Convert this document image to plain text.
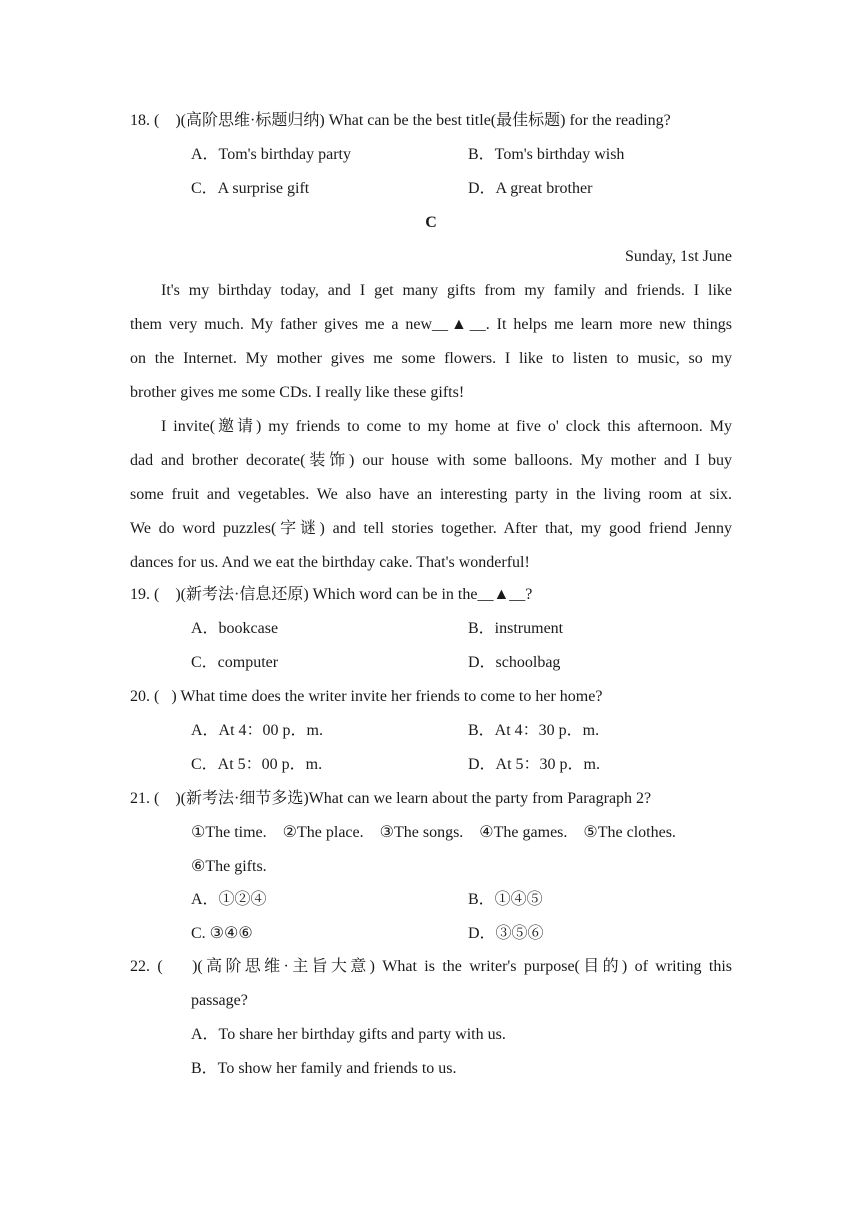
18. (    )(高阶思维·标题归纳) What can be the best title(最佳标题) for the reading?
A．Tom's birthday party	B．Tom's birthday wish
C．A surprise gift	D．A great brother
C
Sunday, 1st June
It's my birthday today, and I get many gifts from my family and friends. I like
them very much. My father gives me a new__▲__. It helps me learn more new things
on the Internet. My mother gives me some flowers. I like to listen to music, so my
brother gives me some CDs. I really like these gifts!
I invite(邀请) my friends to come to my home at five o' clock this afternoon. My
dad and brother decorate(装饰) our house with some balloons. My mother and I buy
some fruit and vegetables. We also have an interesting party in the living room at six.
We do word puzzles(字谜) and tell stories together. After that, my good friend Jenny
dances for us. And we eat the birthday cake. That's wonderful!
19. (    )(新考法·信息还原) Which word can be in the__▲__?
A．bookcase	B．instrument
C．computer	D．schoolbag
20. (   ) What time does the writer invite her friends to come to her home?
A．At 4：00 p．m.	B．At 4：30 p．m.
C．At 5：00 p．m.	D．At 5：30 p．m.
21. (    )(新考法·细节多选)What can we learn about the party from Paragraph 2?
①The time.    ②The place.    ③The songs.    ④The games.    ⑤The clothes.
⑥The gifts.
A．①②④	B．①④⑤
C. ③④⑥	D．③⑤⑥
22. (    )(高阶思维·主旨大意) What is the writer's purpose(目的) of writing this
passage?
A．To share her birthday gifts and party with us.
B．To show her family and friends to us.
